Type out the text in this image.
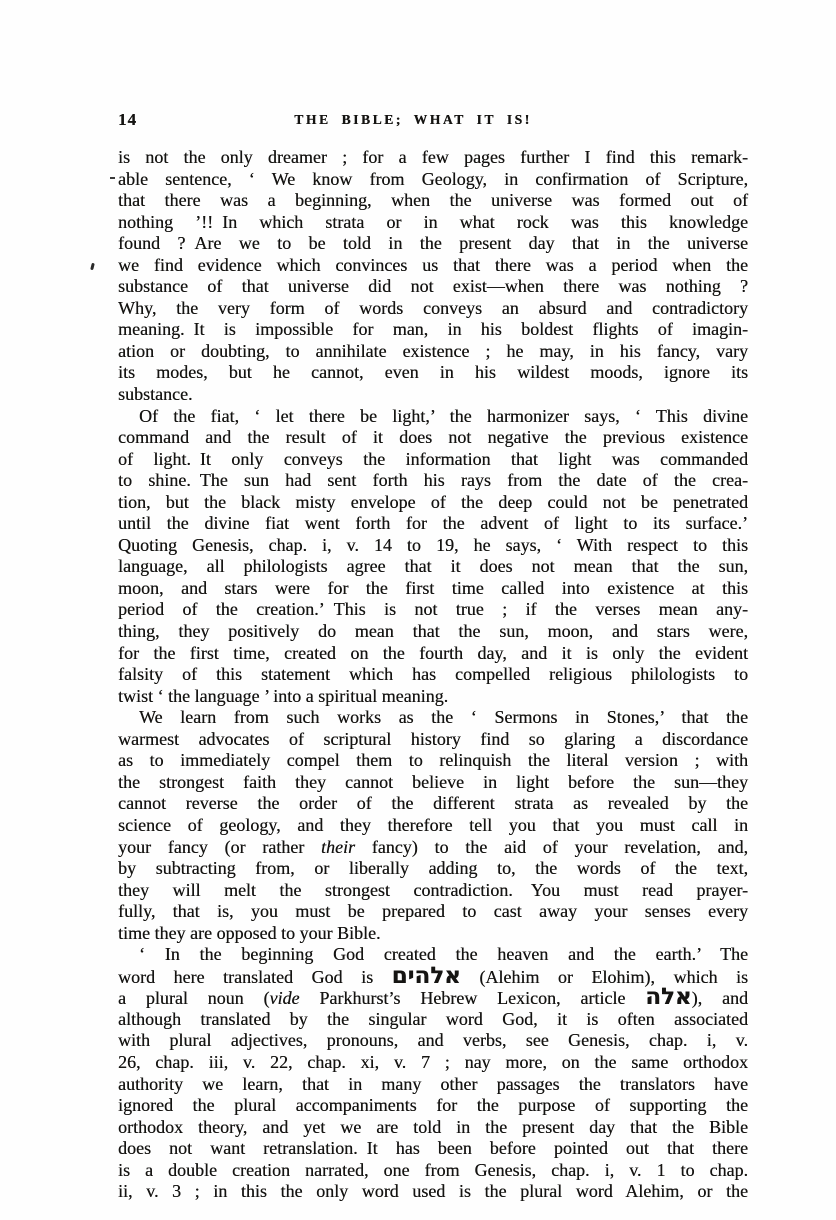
14	THE BIBLE; WHAT IT IS!
is not the only dreamer ; for a few pages further I find this remark-
able sentence, ‘ We know from Geology, in confirmation of Scripture,
that there was a beginning, when the universe was formed out of
nothing ’!! In which strata or in what rock was this knowledge
found ? Are we to be told in the present day that in the universe
we find evidence which convinces us that there was a period when the
substance of that universe did not exist—when there was nothing ?
Why, the very form of words conveys an absurd and contradictory
meaning. It is impossible for man, in his boldest flights of imagin-
ation or doubting, to annihilate existence ; he may, in his fancy, vary
its modes, but he cannot, even in his wildest moods, ignore its
substance.
Of the fiat, ‘ let there be light,’ the harmonizer says, ‘ This divine
command and the result of it does not negative the previous existence
of light. It only conveys the information that light was commanded
to shine. The sun had sent forth his rays from the date of the crea-
tion, but the black misty envelope of the deep could not be penetrated
until the divine fiat went forth for the advent of light to its surface.’
Quoting Genesis, chap. i, v. 14 to 19, he says, ‘ With respect to this
language, all philologists agree that it does not mean that the sun,
moon, and stars were for the first time called into existence at this
period of the creation.’ This is not true ; if the verses mean any-
thing, they positively do mean that the sun, moon, and stars were,
for the first time, created on the fourth day, and it is only the evident
falsity of this statement which has compelled religious philologists to
twist ‘ the language ’ into a spiritual meaning.
We learn from such works as the ‘ Sermons in Stones,’ that the
warmest advocates of scriptural history find so glaring a discordance
as to immediately compel them to relinquish the literal version ; with
the strongest faith they cannot believe in light before the sun—they
cannot reverse the order of the different strata as revealed by the
science of geology, and they therefore tell you that you must call in
your fancy (or rather their fancy) to the aid of your revelation, and,
by subtracting from, or liberally adding to, the words of the text,
they will melt the strongest contradiction. You must read prayer-
fully, that is, you must be prepared to cast away your senses every
time they are opposed to your Bible.
‘ In the beginning God created the heaven and the earth.’ The
word here translated God is אלהים (Alehim or Elohim), which is
a plural noun (vide Parkhurst’s Hebrew Lexicon, article אלה), and
although translated by the singular word God, it is often associated
with plural adjectives, pronouns, and verbs, see Genesis, chap. i, v.
26, chap. iii, v. 22, chap. xi, v. 7 ; nay more, on the same orthodox
authority we learn, that in many other passages the translators have
ignored the plural accompaniments for the purpose of supporting the
orthodox theory, and yet we are told in the present day that the Bible
does not want retranslation. It has been before pointed out that there
is a double creation narrated, one from Genesis, chap. i, v. 1 to chap.
ii, v. 3 ; in this the only word used is the plural word Alehim, or the
